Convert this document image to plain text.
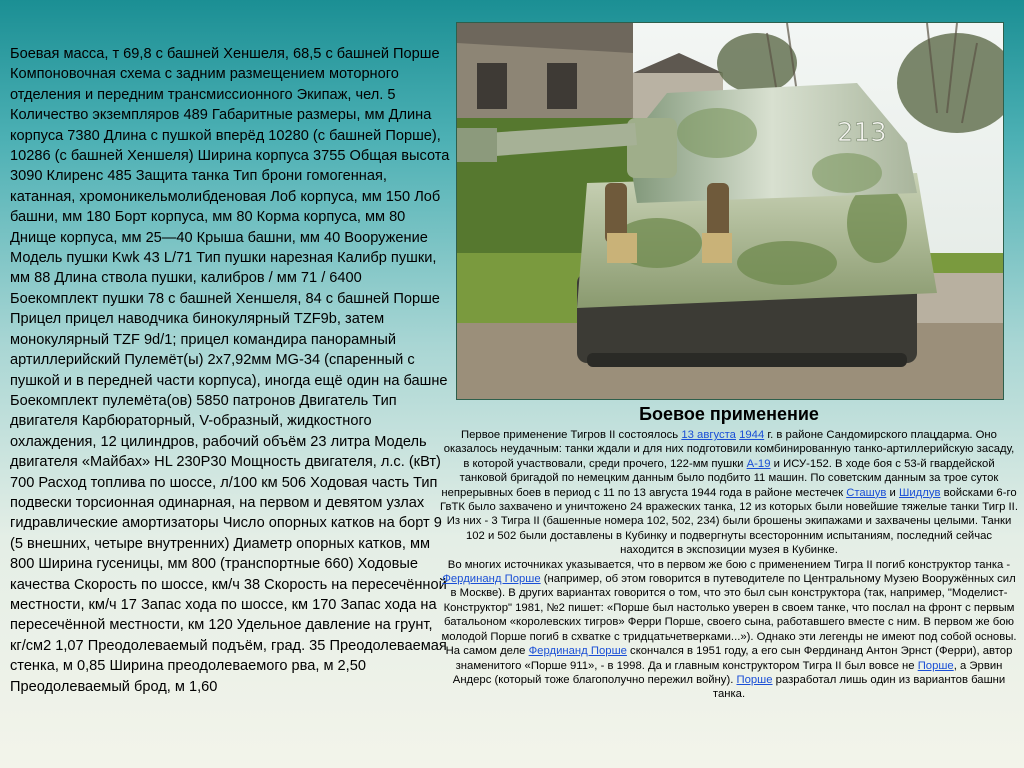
Боевая масса, т 69,8 с башней Хеншеля, 68,5 с башней Порше Компоновочная схема с задним размещением моторного отделения и передним трансмиссионного Экипаж, чел. 5 Количество экземпляров 489 Габаритные размеры, мм Длина корпуса 7380 Длина с пушкой вперёд 10280 (с башней Порше), 10286 (с башней Хеншеля) Ширина корпуса 3755 Общая высота 3090 Клиренс 485 Защита танка Тип брони гомогенная, катанная, хромоникельмолибденовая Лоб корпуса, мм 150 Лоб башни, мм 180 Борт корпуса, мм 80 Корма корпуса, мм 80 Днище корпуса, мм 25—40 Крыша башни, мм 40 Вооружение Модель пушки Kwk 43 L/71 Тип пушки нарезная Калибр пушки, мм 88 Длина ствола пушки, калибров / мм 71 / 6400 Боекомплект пушки 78 с башней Хеншеля, 84 с башней Порше Прицел прицел наводчика бинокулярный TZF9b, затем монокулярный TZF 9d/1; прицел командира панорамный артиллерийский Пулемёт(ы) 2х7,92мм MG-34 (спаренный с пушкой и в передней части корпуса), иногда ещё один на башне Боекомплект пулемёта(ов) 5850 патронов Двигатель Тип двигателя Карбюраторный, V-образный, жидкостного охлаждения, 12 цилиндров, рабочий объём 23 литра Модель двигателя «Майбах» HL 230P30 Мощность двигателя, л.с. (кВт) 700 Расход топлива по шоссе, л/100 км 506 Ходовая часть Тип подвески торсионная одинарная, на первом и девятом узлах гидравлические амортизаторы Число опорных катков на борт 9 (5 внешних, четыре внутренних) Диаметр опорных катков, мм 800 Ширина гусеницы, мм 800 (транспортные 660) Ходовые качества Скорость по шоссе, км/ч 38 Скорость на пересечённой местности, км/ч 17 Запас хода по шоссе, км 170 Запас хода на пересечённой местности, км 120 Удельное давление на грунт, кг/см2 1,07 Преодолеваемый подъём, град. 35 Преодолеваемая стенка, м 0,85 Ширина преодолеваемого рва, м 2,50 Преодолеваемый брод, м 1,60
213
Боевое применение

Первое применение Тигров II состоялось 13 августа 1944 г. в районе Сандомирского плацдарма. Оно оказалось неудачным: танки ждали и для них подготовили комбинированную танко-артиллерийскую засаду, в которой участвовали, среди прочего, 122-мм пушки А-19 и ИСУ-152. В ходе боя с 53-й гвардейской танковой бригадой по немецким данным было подбито 11 машин. По советским данным за трое суток непрерывных боев в период с 11 по 13 августа 1944 года в районе местечек Сташув и Шидлув войсками 6-го ГвТК было захвачено и уничтожено 24 вражеских танка, 12 из которых были новейшие тяжелые танки Тигр II. Из них - 3 Тигра II (башенные номера 102, 502, 234) были брошены экипажами и захвачены целыми. Танки 102 и 502 были доставлены в Кубинку и подвергнуты всесторонним испытаниям, последний сейчас находится в экспозиции музея в Кубинке.

Во многих источниках указывается, что в первом же бою с применением Тигра II погиб конструктор танка - Фердинанд Порше (например, об этом говорится в путеводителе по Центральному Музею Вооружённых сил в Москве). В других вариантах говорится о том, что это был сын конструктора (так, например, "Моделист-Конструктор" 1981, №2 пишет: «Порше был настолько уверен в своем танке, что послал на фронт с первым батальоном «королевских тигров» Ферри Порше, своего сына, работавшего вместе с ним. В первом же бою молодой Порше погиб в схватке с тридцатьчетверками...»). Однако эти легенды не имеют под собой основы. На самом деле Фердинанд Порше скончался в 1951 году, а его сын Фердинанд Антон Эрнст (Ферри), автор знаменитого «Порше 911», - в 1998. Да и главным конструктором Тигра II был вовсе не Порше, а Эрвин Андерс (который тоже благополучно пережил войну). Порше разработал лишь один из вариантов башни танка.
